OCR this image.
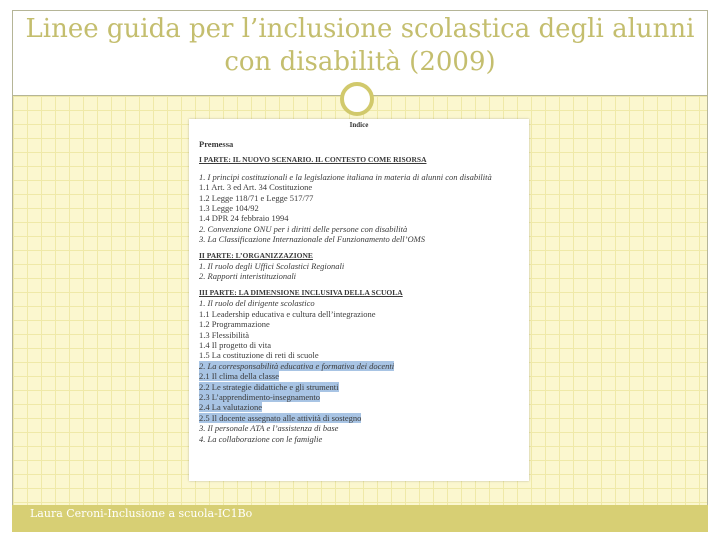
Linee guida per l’inclusione scolastica degli alunni con disabilità (2009)
Indice
Premessa
I PARTE: IL NUOVO SCENARIO. IL CONTESTO COME RISORSA
1. I principi costituzionali e la legislazione italiana in materia di alunni con disabilità
1.1 Art. 3 ed Art. 34 Costituzione
1.2 Legge 118/71 e Legge 517/77
1.3 Legge 104/92
1.4 DPR 24 febbraio 1994
2. Convenzione ONU per i diritti delle persone con disabilità
3. La Classificazione Internazionale del Funzionamento dell’OMS
II PARTE: L’ORGANIZZAZIONE
1. Il ruolo degli Uffici Scolastici Regionali
2. Rapporti interistituzionali
III PARTE: LA DIMENSIONE INCLUSIVA DELLA SCUOLA
1. Il ruolo del dirigente scolastico
1.1 Leadership educativa e cultura dell’integrazione
1.2 Programmazione
1.3 Flessibilità
1.4 Il progetto di vita
1.5 La costituzione di reti di scuole
2. La corresponsabilità educativa e formativa dei docenti
2.1 Il clima della classe
2.2 Le strategie didattiche e gli strumenti
2.3 L’apprendimento-insegnamento
2.4 La valutazione
2.5 Il docente assegnato alle attività di sostegno
3. Il personale ATA e l’assistenza di base
4. La collaborazione con le famiglie
Laura Ceroni-Inclusione a scuola-IC1Bo
